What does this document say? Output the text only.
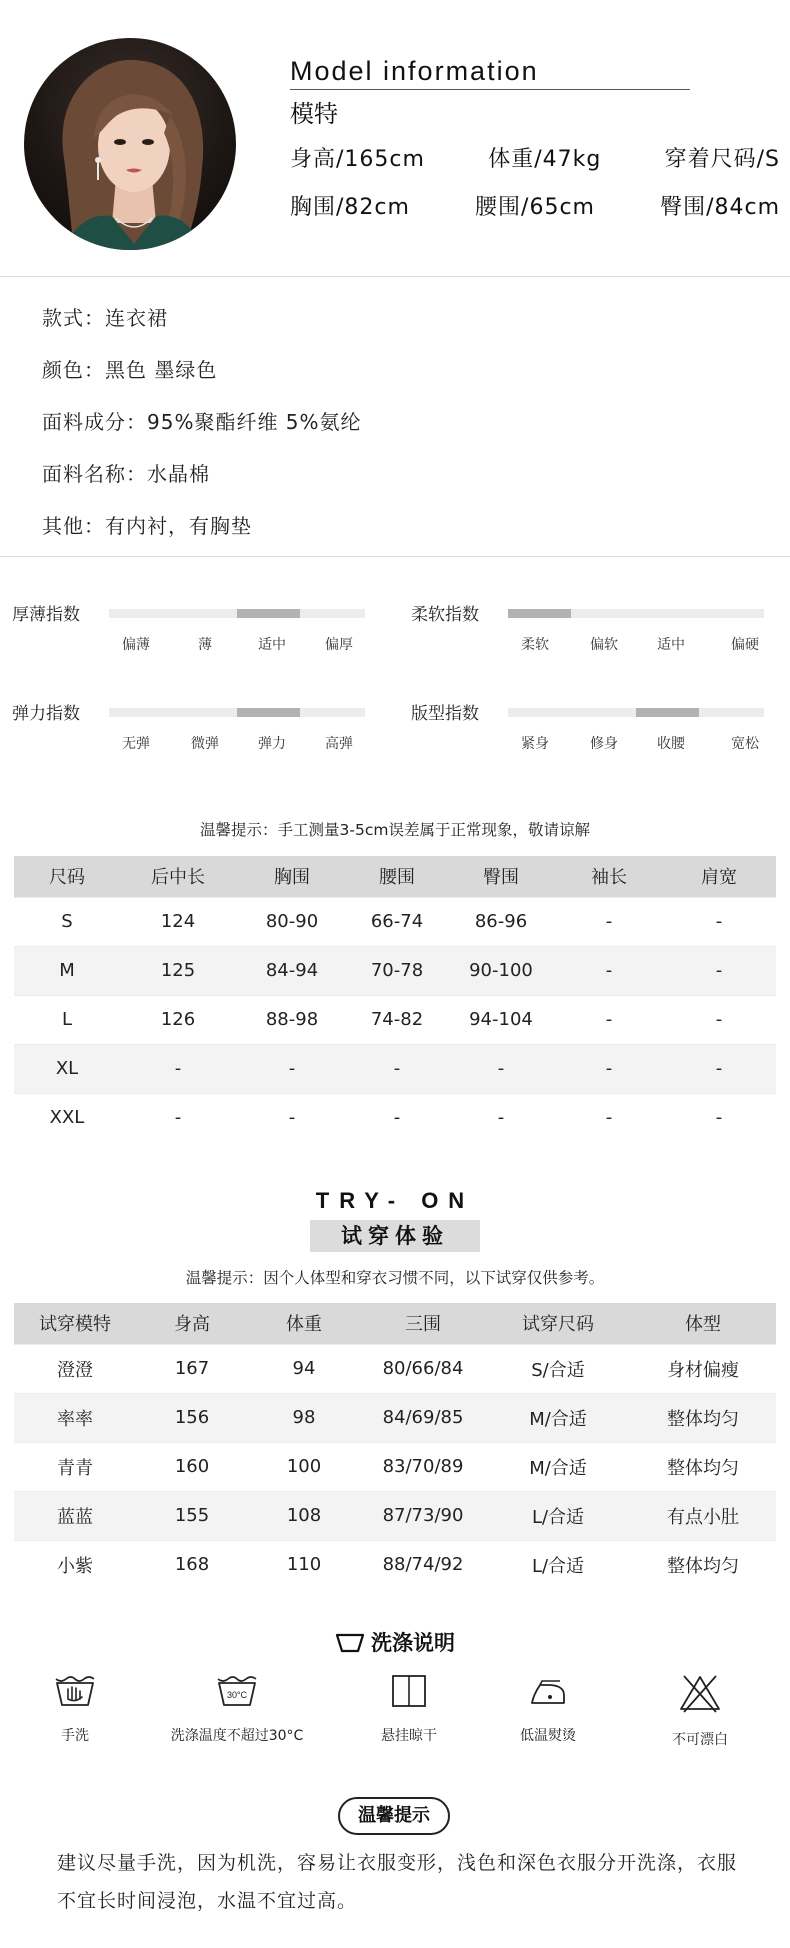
Model information
模特
身高/165cm	体重/47kg	穿着尺码/S
胸围/82cm	腰围/65cm	臀围/84cm
款式：连衣裙
颜色：黑色 墨绿色
面料成分：95%聚酯纤维 5%氨纶
面料名称：水晶棉
其他：有内衬，有胸垫
厚薄指数
偏薄	薄	适中	偏厚
柔软指数
柔软	偏软	适中	偏硬
弹力指数
无弹	微弹	弹力	高弹
版型指数
紧身	修身	收腰	宽松
温馨提示：手工测量3-5cm误差属于正常现象，敬请谅解
尺码	后中长	胸围	腰围	臀围	袖长	肩宽
S	124	80-90	66-74	86-96	-	-
M	125	84-94	70-78	90-100	-	-
L	126	88-98	74-82	94-104	-	-
XL	-	-	-	-	-	-
XXL	-	-	-	-	-	-
TRY- ON
试穿体验
温馨提示：因个人体型和穿衣习惯不同，以下试穿仅供参考。
试穿模特	身高	体重	三围	试穿尺码	体型
澄澄	167	94	80/66/84	S/合适	身材偏瘦
率率	156	98	84/69/85	M/合适	整体均匀
青青	160	100	83/70/89	M/合适	整体均匀
蓝蓝	155	108	87/73/90	L/合适	有点小肚
小紫	168	110	88/74/92	L/合适	整体均匀
洗涤说明
手洗
30°C
洗涤温度不超过30°C	悬挂晾干	低温熨烫	不可漂白
温馨提示
建议尽量手洗，因为机洗，容易让衣服变形，浅色和深色衣服分开洗涤，衣服不宜长时间浸泡，水温不宜过高。
